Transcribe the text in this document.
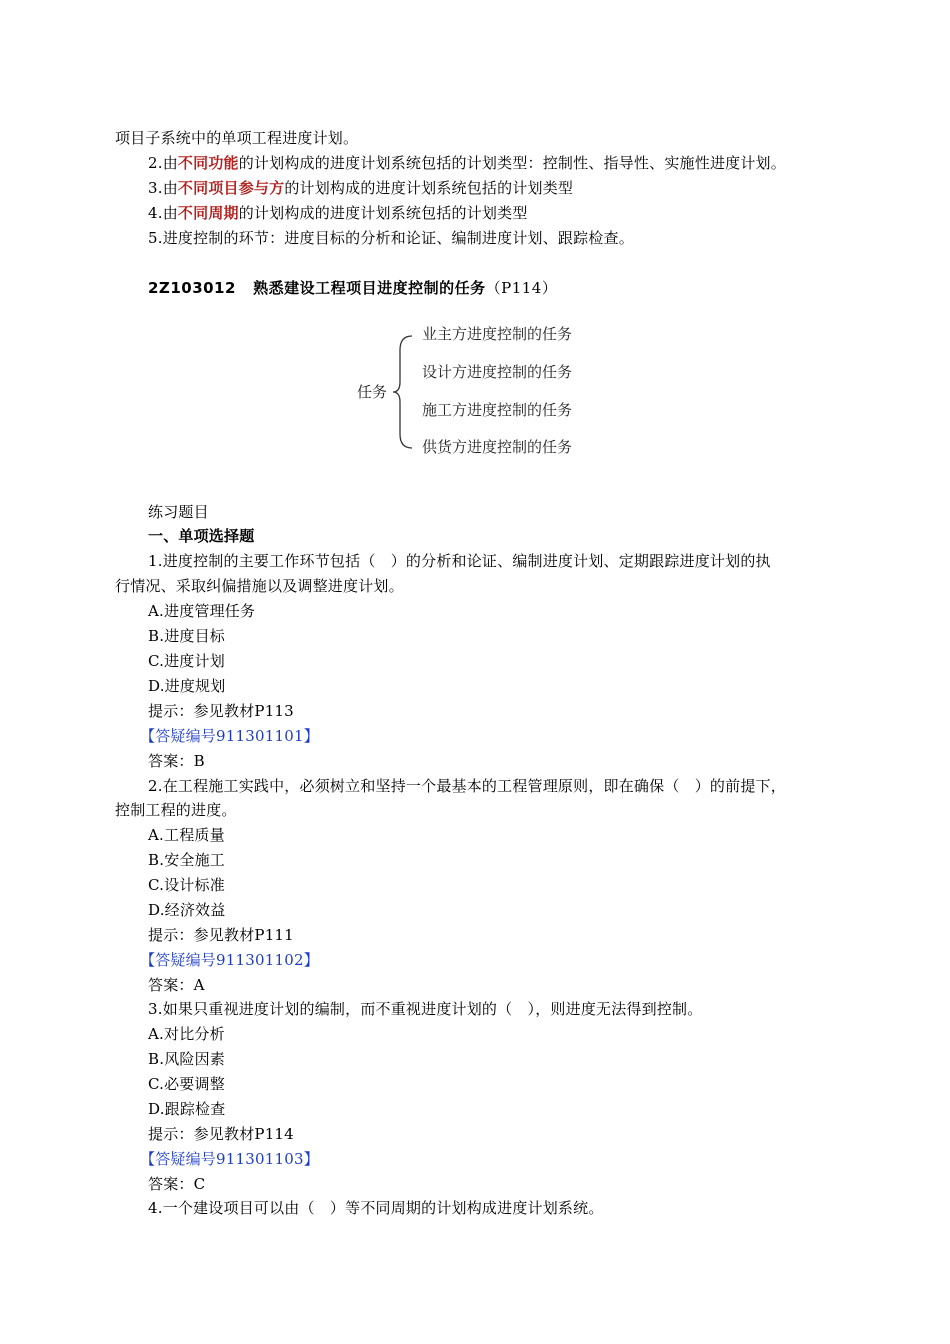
项目子系统中的单项工程进度计划。
2.由不同功能的计划构成的进度计划系统包括的计划类型：控制性、指导性、实施性进度计划。
3.由不同项目参与方的计划构成的进度计划系统包括的计划类型
4.由不同周期的计划构成的进度计划系统包括的计划类型
5.进度控制的环节：进度目标的分析和论证、编制进度计划、跟踪检查。
2Z103012 熟悉建设工程项目进度控制的任务（P114）
任务
业主方进度控制的任务
设计方进度控制的任务
施工方进度控制的任务
供货方进度控制的任务
练习题目
一、单项选择题
1.进度控制的主要工作环节包括（　）的分析和论证、编制进度计划、定期跟踪进度计划的执
行情况、采取纠偏措施以及调整进度计划。
A.进度管理任务
B.进度目标
C.进度计划
D.进度规划
提示：参见教材P113
【答疑编号911301101】
答案：B
2.在工程施工实践中，必须树立和坚持一个最基本的工程管理原则，即在确保（　）的前提下，
控制工程的进度。
A.工程质量
B.安全施工
C.设计标准
D.经济效益
提示：参见教材P111
【答疑编号911301102】
答案：A
3.如果只重视进度计划的编制，而不重视进度计划的（　），则进度无法得到控制。
A.对比分析
B.风险因素
C.必要调整
D.跟踪检查
提示：参见教材P114
【答疑编号911301103】
答案：C
4.一个建设项目可以由（　）等不同周期的计划构成进度计划系统。
